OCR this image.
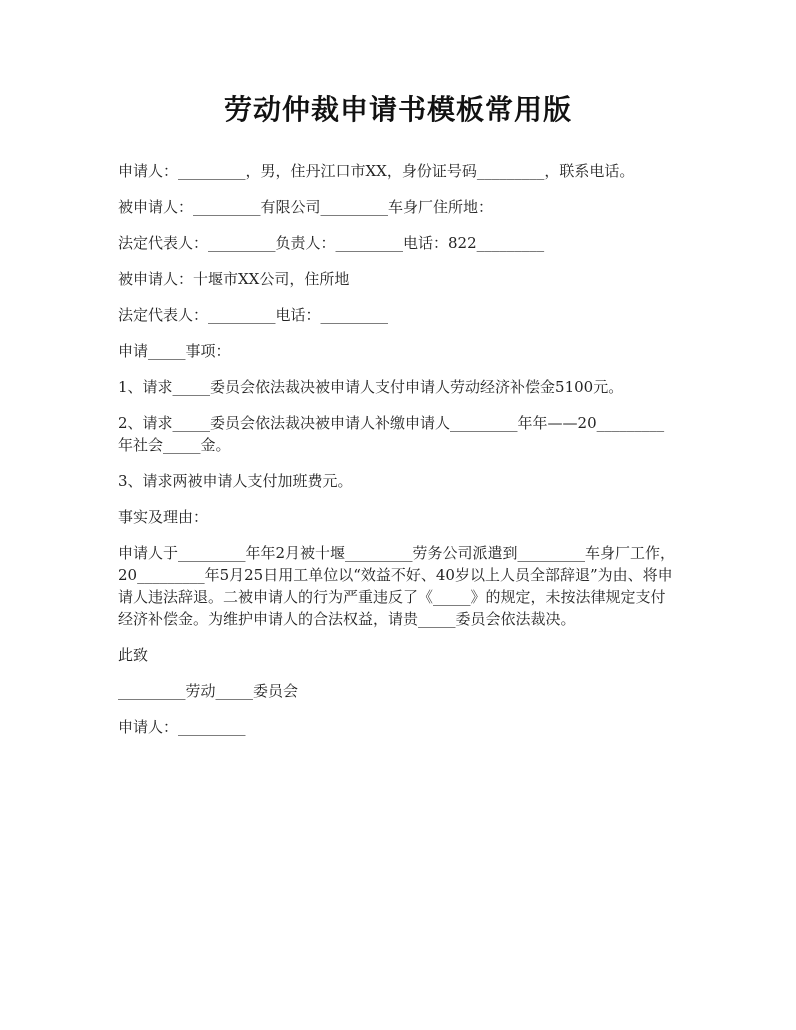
劳动仲裁申请书模板常用版

申请人：_________，男，住丹江口市XX，身份证号码_________，联系电话。

被申请人：_________有限公司_________车身厂住所地：

法定代表人：_________负责人：_________电话：822_________

被申请人：十堰市XX公司，住所地

法定代表人：_________电话：_________

申请_____事项：

1、请求_____委员会依法裁决被申请人支付申请人劳动经济补偿金5100元。

2、请求_____委员会依法裁决被申请人补缴申请人_________年年——20_________年社会_____金。

3、请求两被申请人支付加班费元。

事实及理由：

申请人于_________年年2月被十堰_________劳务公司派遣到_________车身厂工作，20_________年5月25日用工单位以“效益不好、40岁以上人员全部辞退”为由、将申请人违法辞退。二被申请人的行为严重违反了《_____》的规定，未按法律规定支付经济补偿金。为维护申请人的合法权益，请贵_____委员会依法裁决。

此致

_________劳动_____委员会

申请人：_________
